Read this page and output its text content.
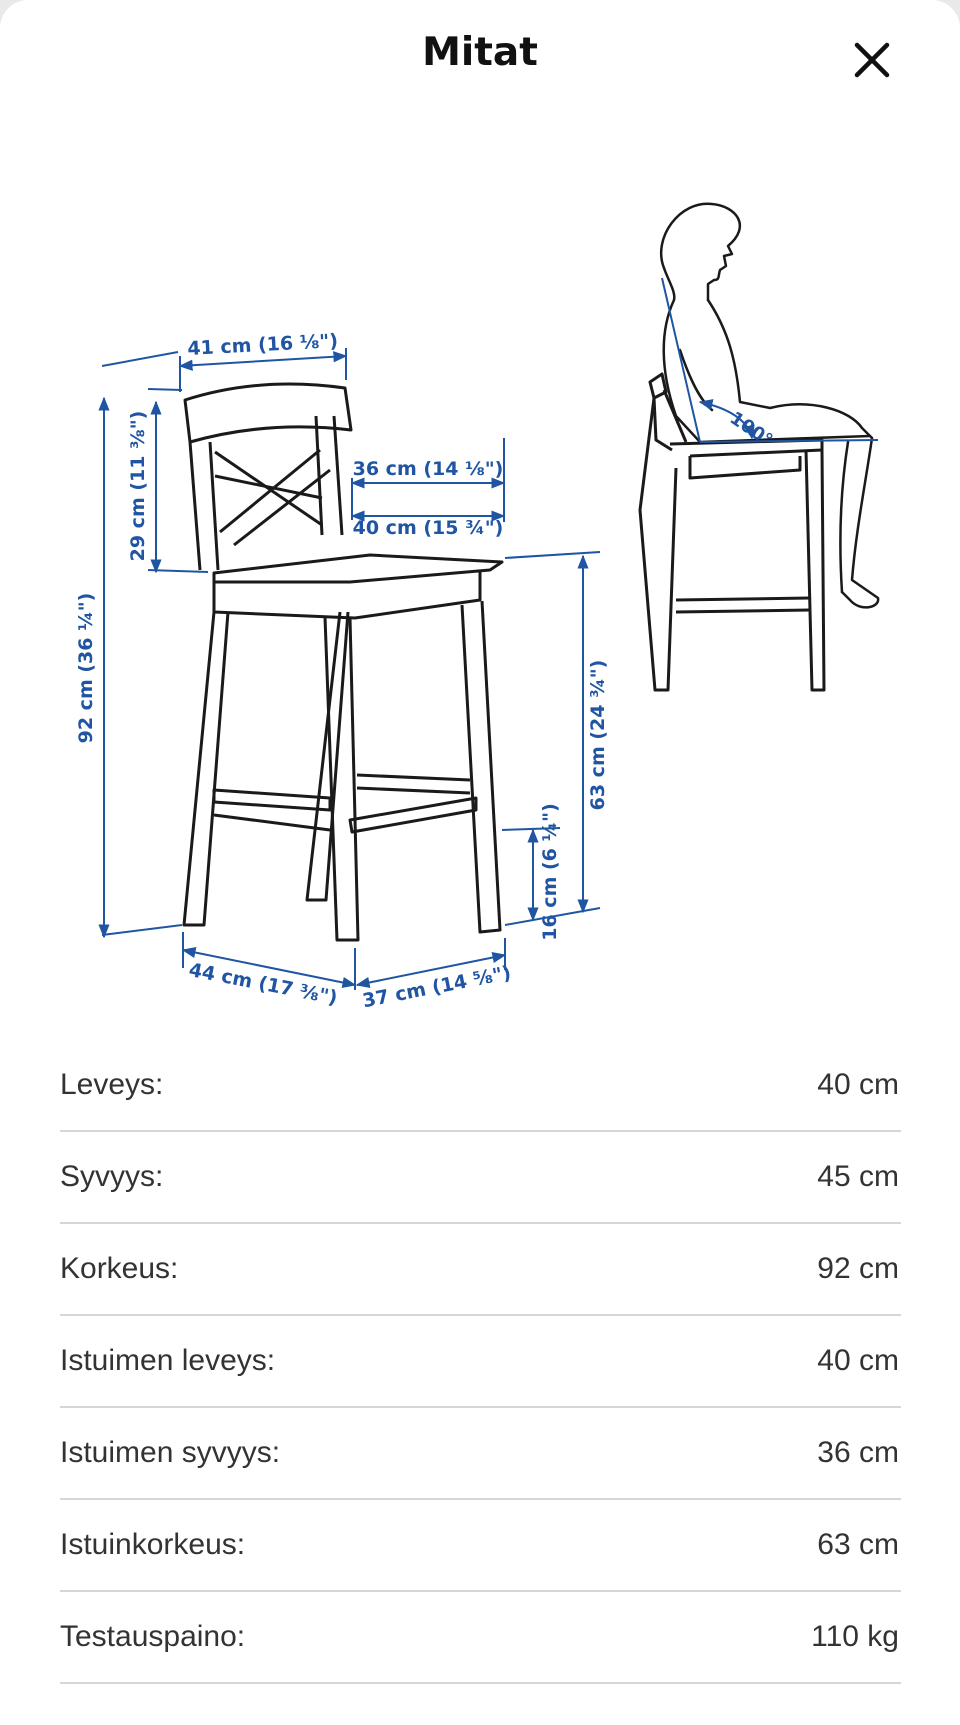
Mitat
41 cm (16 ⅛")
36 cm (14 ⅛")
40 cm (15 ¾")
92 cm (36 ¼")
29 cm (11 ⅜")
63 cm (24 ¾")
16 cm (6 ¼")
44 cm (17 ⅜") 37 cm (14 ⅝")
100°
Leveys:	40 cm
Syvyys:	45 cm
Korkeus:	92 cm
Istuimen leveys:	40 cm
Istuimen syvyys:	36 cm
Istuinkorkeus:	63 cm
Testauspaino:	110 kg
